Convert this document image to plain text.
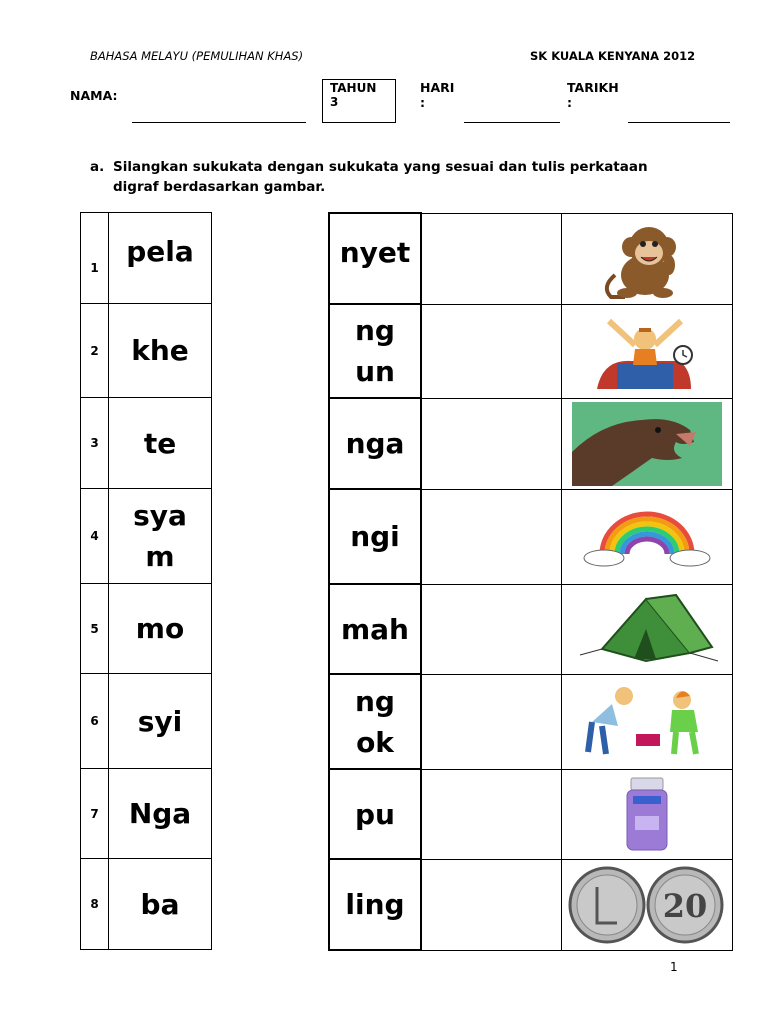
BAHASA MELAYU (PEMULIHAN KHAS)	SK KUALA KENYANA 2012
NAMA:	TAHUN
3
HARI
:
TARIKH
:
a. Silangkan sukukata dengan sukukata yang sesuai dan tulis perkataan digraf berdasarkan gambar.
1	pela

2	khe

3	te

4	syam

5	mo

6	syi

7	Nga

8	ba
nyet		

ngun		

nga		

ngi		

mah		

ngok		

pu		

ling		20
1
